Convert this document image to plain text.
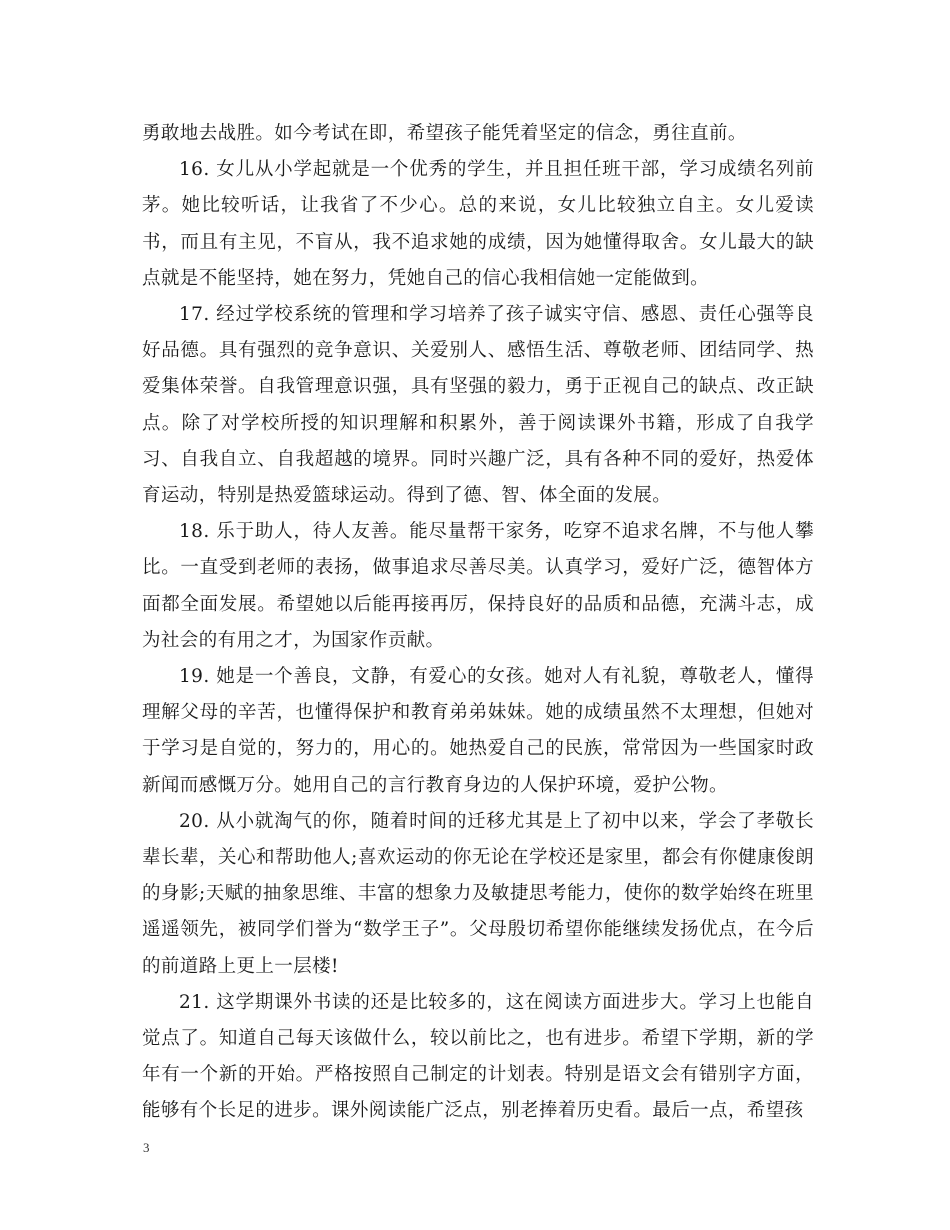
勇敢地去战胜。如今考试在即，希望孩子能凭着坚定的信念，勇往直前。

16. 女儿从小学起就是一个优秀的学生，并且担任班干部，学习成绩名列前茅。她比较听话，让我省了不少心。总的来说，女儿比较独立自主。女儿爱读书，而且有主见，不盲从，我不追求她的成绩，因为她懂得取舍。女儿最大的缺点就是不能坚持，她在努力，凭她自己的信心我相信她一定能做到。

17. 经过学校系统的管理和学习培养了孩子诚实守信、感恩、责任心强等良好品德。具有强烈的竞争意识、关爱别人、感悟生活、尊敬老师、团结同学、热爱集体荣誉。自我管理意识强，具有坚强的毅力，勇于正视自己的缺点、改正缺点。除了对学校所授的知识理解和积累外，善于阅读课外书籍，形成了自我学习、自我自立、自我超越的境界。同时兴趣广泛，具有各种不同的爱好，热爱体育运动，特别是热爱篮球运动。得到了德、智、体全面的发展。

18. 乐于助人，待人友善。能尽量帮干家务，吃穿不追求名牌，不与他人攀比。一直受到老师的表扬，做事追求尽善尽美。认真学习，爱好广泛，德智体方面都全面发展。希望她以后能再接再厉，保持良好的品质和品德，充满斗志，成为社会的有用之才，为国家作贡献。

19. 她是一个善良，文静，有爱心的女孩。她对人有礼貌，尊敬老人，懂得理解父母的辛苦，也懂得保护和教育弟弟妹妹。她的成绩虽然不太理想，但她对于学习是自觉的，努力的，用心的。她热爱自己的民族，常常因为一些国家时政新闻而感慨万分。她用自己的言行教育身边的人保护环境，爱护公物。

20. 从小就淘气的你，随着时间的迁移尤其是上了初中以来，学会了孝敬长辈长辈，关心和帮助他人;喜欢运动的你无论在学校还是家里，都会有你健康俊朗的身影;天赋的抽象思维、丰富的想象力及敏捷思考能力，使你的数学始终在班里遥遥领先，被同学们誉为“数学王子”。父母殷切希望你能继续发扬优点，在今后的前道路上更上一层楼!

21. 这学期课外书读的还是比较多的，这在阅读方面进步大。学习上也能自觉点了。知道自己每天该做什么，较以前比之，也有进步。希望下学期，新的学年有一个新的开始。严格按照自己制定的计划表。特别是语文会有错别字方面，能够有个长足的进步。课外阅读能广泛点，别老捧着历史看。最后一点，希望孩

3
